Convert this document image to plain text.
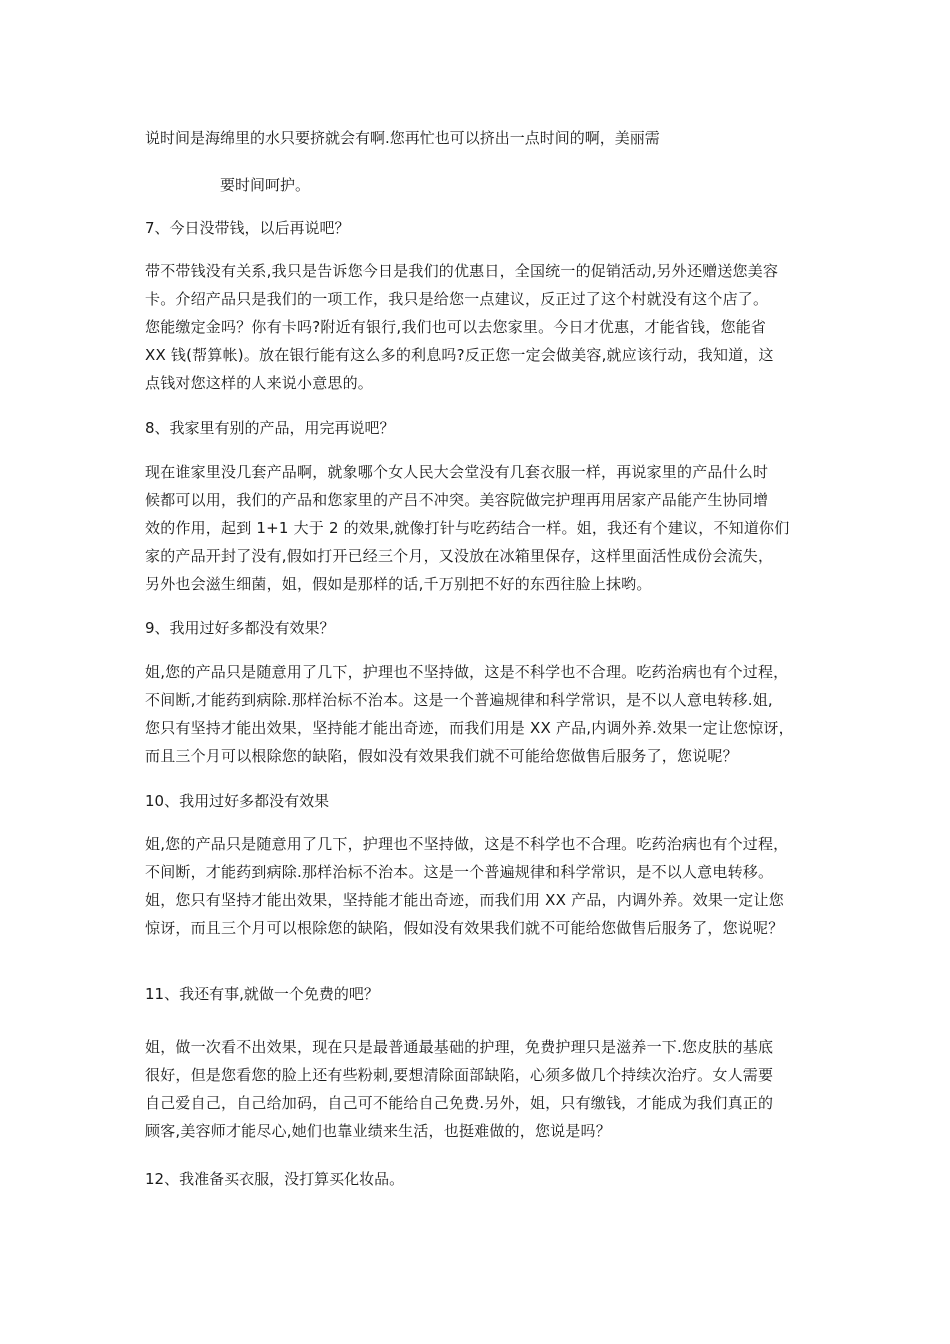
说时间是海绵里的水只要挤就会有啊.您再忙也可以挤出一点时间的啊，美丽需

要时间呵护。

7、今日没带钱，以后再说吧？

带不带钱没有关系,我只是告诉您今日是我们的优惠日，全国统一的促销活动,另外还赠送您美容
卡。介绍产品只是我们的一项工作，我只是给您一点建议，反正过了这个村就没有这个店了。
您能缴定金吗？你有卡吗?附近有银行,我们也可以去您家里。今日才优惠，才能省钱，您能省
XX 钱(帮算帐)。放在银行能有这么多的利息吗?反正您一定会做美容,就应该行动，我知道，这
点钱对您这样的人来说小意思的。

8、我家里有别的产品，用完再说吧？

现在谁家里没几套产品啊，就象哪个女人民大会堂没有几套衣服一样，再说家里的产品什么时
候都可以用，我们的产品和您家里的产吕不冲突。美容院做完护理再用居家产品能产生协同增
效的作用，起到 1+1 大于 2 的效果,就像打针与吃药结合一样。姐，我还有个建议，不知道你们
家的产品开封了没有,假如打开已经三个月，又没放在冰箱里保存，这样里面活性成份会流失，
另外也会滋生细菌，姐，假如是那样的话,千万别把不好的东西往脸上抹哟。

9、我用过好多都没有效果？

姐,您的产品只是随意用了几下，护理也不坚持做，这是不科学也不合理。吃药治病也有个过程，
不间断,才能药到病除.那样治标不治本。这是一个普遍规律和科学常识，是不以人意电转移.姐,
您只有坚持才能出效果，坚持能才能出奇迹，而我们用是 XX 产品,内调外养.效果一定让您惊讶，
而且三个月可以根除您的缺陷，假如没有效果我们就不可能给您做售后服务了，您说呢？

10、我用过好多都没有效果

姐,您的产品只是随意用了几下，护理也不坚持做，这是不科学也不合理。吃药治病也有个过程，
不间断，才能药到病除.那样治标不治本。这是一个普遍规律和科学常识，是不以人意电转移。
姐，您只有坚持才能出效果，坚持能才能出奇迹，而我们用 XX 产品，内调外养。效果一定让您
惊讶，而且三个月可以根除您的缺陷，假如没有效果我们就不可能给您做售后服务了，您说呢？

11、我还有事,就做一个免费的吧？

姐，做一次看不出效果，现在只是最普通最基础的护理，免费护理只是滋养一下.您皮肤的基底
很好，但是您看您的脸上还有些粉刺,要想清除面部缺陷，心须多做几个持续次治疗。女人需要
自己爱自己，自己给加码，自己可不能给自己免费.另外，姐，只有缴钱，才能成为我们真正的
顾客,美容师才能尽心,她们也靠业绩来生活，也挺难做的，您说是吗？

12、我准备买衣服，没打算买化妆品。
